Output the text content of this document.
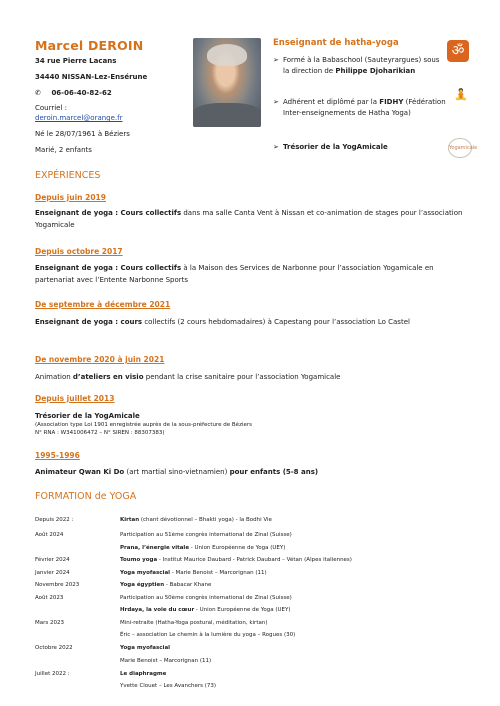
Marcel DEROIN
34 rue Pierre Lacans
34440 NISSAN-Lez-Ensérune
✆ 06-06-40-82-62
Courriel :
deroin.marcel@orange.fr
Né le 28/07/1961 à Béziers
Marié, 2 enfants
Enseignant de hatha-yoga
➢ Formé à la Babaschool (Sauteyrargues) sous la direction de Philippe Djoharikian
➢ Adhérent et diplômé par la FIDHY (Fédération Inter-enseignements de Hatha Yoga)
➢ Trésorier de la YogAmicale
ॐ
🧘
Yogamicale
EXPÉRIENCES
Depuis juin 2019
Enseignant de yoga : Cours collectifs dans ma salle Canta Vent à Nissan et co-animation de stages pour l’association Yogamicale
Depuis octobre 2017
Enseignant de yoga : Cours collectifs à la Maison des Services de Narbonne pour l’association Yogamicale en partenariat avec l’Entente Narbonne Sports
De septembre à décembre 2021
Enseignant de yoga : cours collectifs (2 cours hebdomadaires) à Capestang pour l’association Lo Castel
De novembre 2020 à juin 2021
Animation d’ateliers en visio pendant la crise sanitaire pour l’association Yogamicale
Depuis juillet 2013
Trésorier de la YogAmicale
(Association type Loi 1901 enregistrée auprès de la sous-préfecture de Béziers
N° RNA : W341006472 – N° SIREN : 88307383)
1995-1996
Animateur Qwan Ki Do (art martial sino-vietnamien) pour enfants (5-8 ans)
FORMATION de YOGA
Depuis 2022 :	Kirtan (chant dévotionnel – Bhakti yoga) - la Bodhi Vie
Août 2024	Participation au 51ème congrès international de Zinal (Suisse)
Prana, l’énergie vitale - Union Européenne de Yoga (UEY)
Février 2024	Toumo yoga - Institut Maurice Daubard - Patrick Daubard – Vétan (Alpes italiennes)
Janvier 2024	Yoga myofascial - Marie Benoist – Marcorignan (11)
Novembre 2023	Yoga égyptien - Babacar Khane
Août 2023	Participation au 50ème congrès international de Zinal (Suisse)
Hrdaya, la voie du cœur - Union Européenne de Yoga (UEY)
Mars 2023	Mini-retraite (Hatha-Yoga postural, méditation, kirtan)
Éric – association Le chemin à la lumière du yoga – Rogues (30)
Octobre 2022	Yoga myofascial
Marie Benoist – Marcorignan (11)
Juillet 2022 :	Le diaphragme
Yvette Clouet – Les Avanchers (73)
